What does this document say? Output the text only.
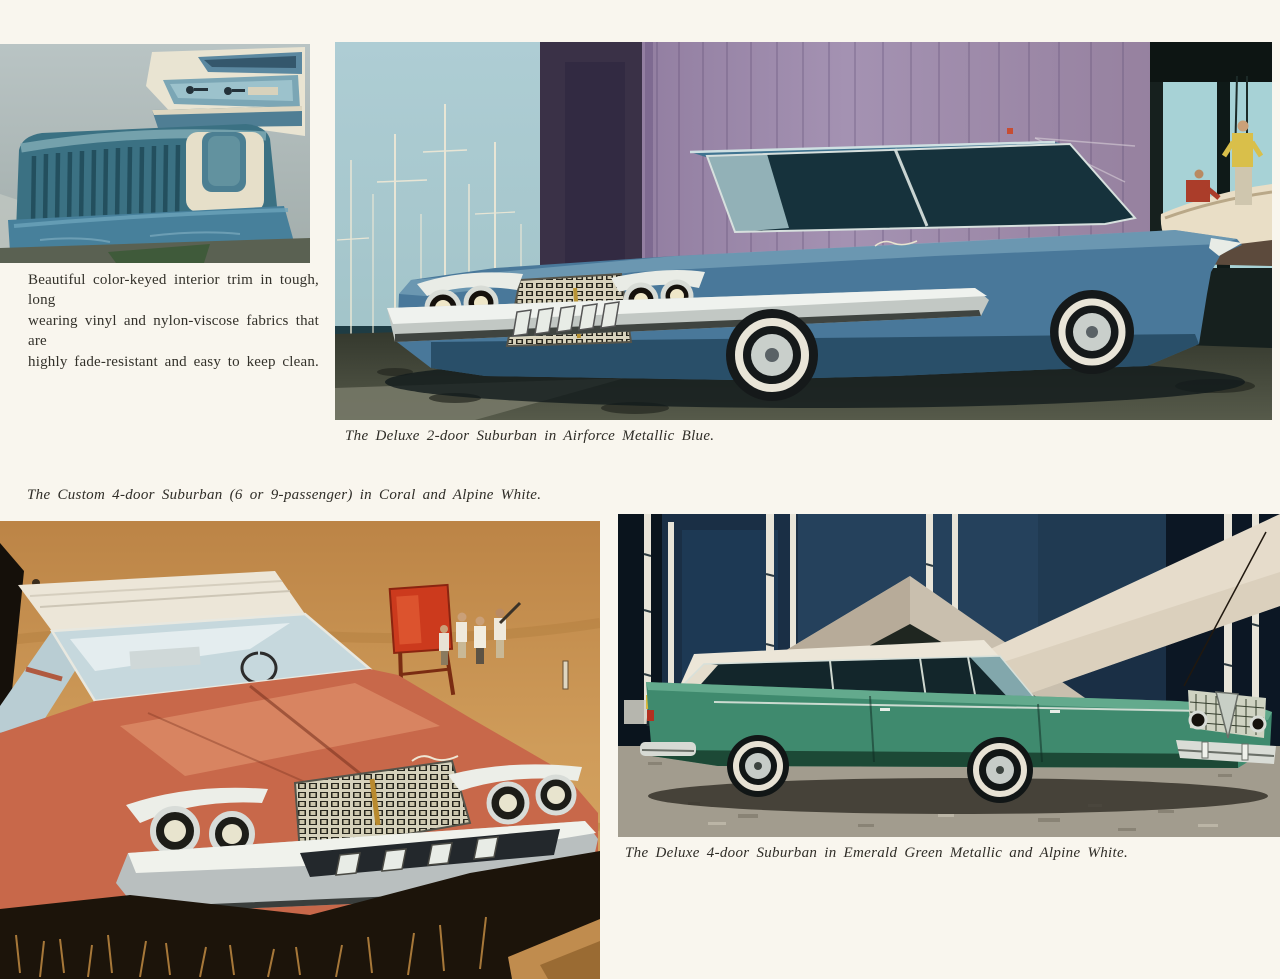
Beautiful color-keyed interior trim in tough, long
wearing vinyl and nylon-viscose fabrics that are
highly fade-resistant and easy to keep clean.
The Deluxe 2-door Suburban in Airforce Metallic Blue.
The Custom 4-door Suburban (6 or 9-passenger) in Coral and Alpine White.
The Deluxe 4-door Suburban in Emerald Green Metallic and Alpine White.
